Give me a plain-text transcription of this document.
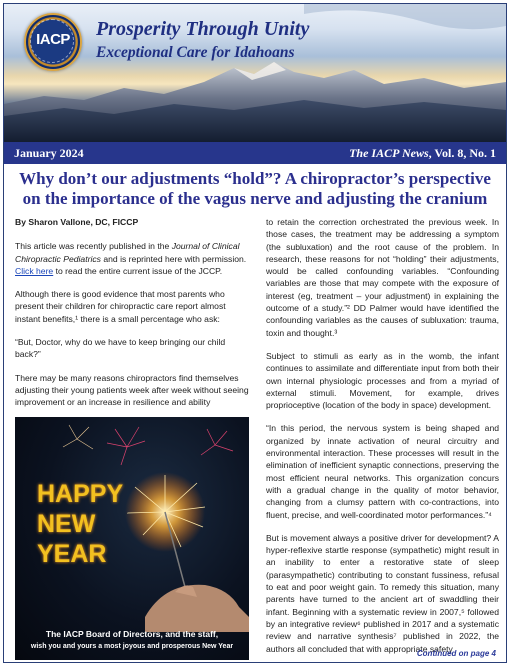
IACP	Prosperity Through Unity
Exceptional Care for Idahoans
January 2024	The IACP News, Vol. 8, No. 1
Why don’t our adjustments “hold”? A chiropractor’s perspective on the importance of the vagus nerve and adjusting the cranium

By Sharon Vallone, DC, FICCP

This article was recently published in the Journal of Clinical Chiropractic Pediatrics and is reprinted here with permission. Click here to read the entire current issue of the JCCP.

Although there is good evidence that most parents who present their children for chiropractic care report almost instant benefits,¹ there is a small percentage who ask:

“But, Doctor, why do we have to keep bringing our child back?”

There may be many reasons chiropractors find themselves adjusting their young patients week after week without seeing improvement or an increase in resilience and ability

HAPPY
NEW
YEAR
The IACP Board of Directors, and the staff,
wish you and yours a most joyous and prosperous New Year

to retain the correction orchestrated the previous week. In those cases, the treatment may be addressing a symptom (the subluxation) and the root cause of the problem. In research, these reasons for not “holding” their adjustments, would be called confounding variables. “Confounding variables are those that may compete with the exposure of interest (eg, treatment – your adjustment) in explaining the outcome of a study.”² DD Palmer would have identified the confounding variables as the causes of subluxation: trauma, toxin and thought.³

Subject to stimuli as early as in the womb, the infant continues to assimilate and differentiate input from both their own internal physiologic processes and from a myriad of external stimuli. Movement, for example, drives proprioceptive (location of the body in space) development.

“In this period, the nervous system is being shaped and organized by innate activation of neural circuitry and environmental interaction. These processes will result in the elimination of inefficient synaptic connections, preserving the most efficient neural networks. This organization concurs with a gradual change in the quality of motor behavior, changing from a clumsy pattern with co-contractions, into fluent, precise, and well-coordinated motor performances.”⁴

But is movement always a positive driver for development? A hyper-reflexive startle response (sympathetic) might result in an inability to enter a restorative state of sleep (parasympathetic) contributing to constant fussiness, refusal to eat and poor weight gain. To remedy this situation, many parents have turned to the ancient art of swaddling their infant. Beginning with a systematic review in 2007,⁵ followed by an integrative review⁶ published in 2017 and a systematic review and narrative synthesis⁷ published in 2022, the authors all concluded that with appropriate safety

Continued on page 4
